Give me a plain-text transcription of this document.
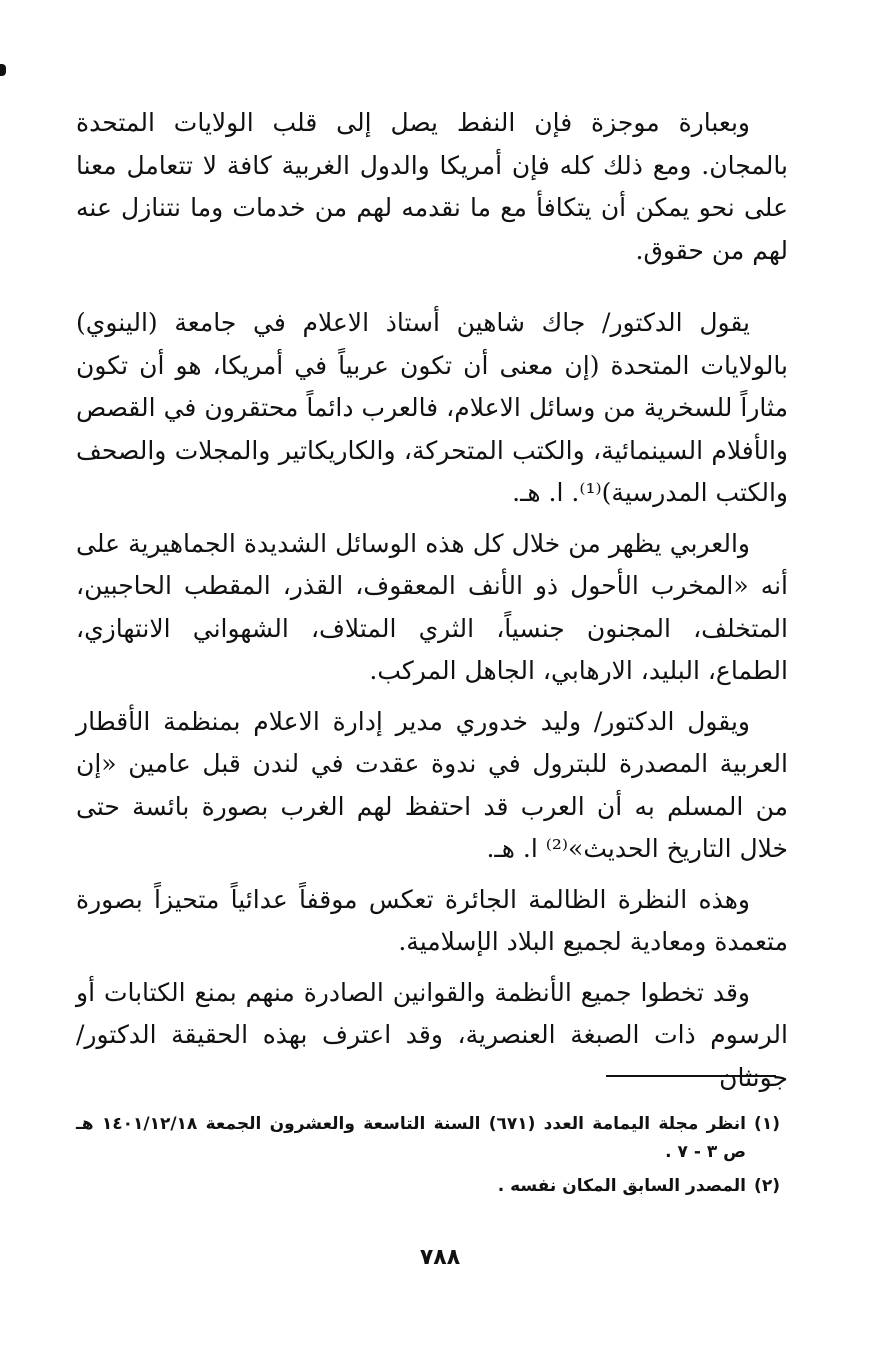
وبعبارة موجزة فإن النفط يصل إلى قلب الولايات المتحدة بالمجان. ومع ذلك كله فإن أمريكا والدول الغربية كافة لا تتعامل معنا على نحو يمكن أن يتكافأ مع ما نقدمه لهم من خدمات وما نتنازل عنه لهم من حقوق.

يقول الدكتور/ جاك شاهين أستاذ الاعلام في جامعة (الينوي) بالولايات المتحدة (إن معنى أن تكون عربياً في أمريكا، هو أن تكون مثاراً للسخرية من وسائل الاعلام، فالعرب دائماً محتقرون في القصص والأفلام السينمائية، والكتب المتحركة، والكاريكاتير والمجلات والصحف والكتب المدرسية)⁽¹⁾. ا. هـ.

والعربي يظهر من خلال كل هذه الوسائل الشديدة الجماهيرية على أنه «المخرب الأحول ذو الأنف المعقوف، القذر، المقطب الحاجبين، المتخلف، المجنون جنسياً، الثري المتلاف، الشهواني الانتهازي، الطماع، البليد، الارهابي، الجاهل المركب.

ويقول الدكتور/ وليد خدوري مدير إدارة الاعلام بمنظمة الأقطار العربية المصدرة للبترول في ندوة عقدت في لندن قبل عامين «إن من المسلم به أن العرب قد احتفظ لهم الغرب بصورة بائسة حتى خلال التاريخ الحديث»⁽²⁾ ا. هـ.

وهذه النظرة الظالمة الجائرة تعكس موقفاً عدائياً متحيزاً بصورة متعمدة ومعادية لجميع البلاد الإسلامية.

وقد تخطوا جميع الأنظمة والقوانين الصادرة منهم بمنع الكتابات أو الرسوم ذات الصبغة العنصرية، وقد اعترف بهذه الحقيقة الدكتور/ جونثان

(١)
انظر مجلة اليمامة العدد (٦٧١) السنة التاسعة والعشرون الجمعة ١٤٠١/١٢/١٨ هـ ص ٣ - ٧ .
(٢)
المصدر السابق المكان نفسه .
٧٨٨
